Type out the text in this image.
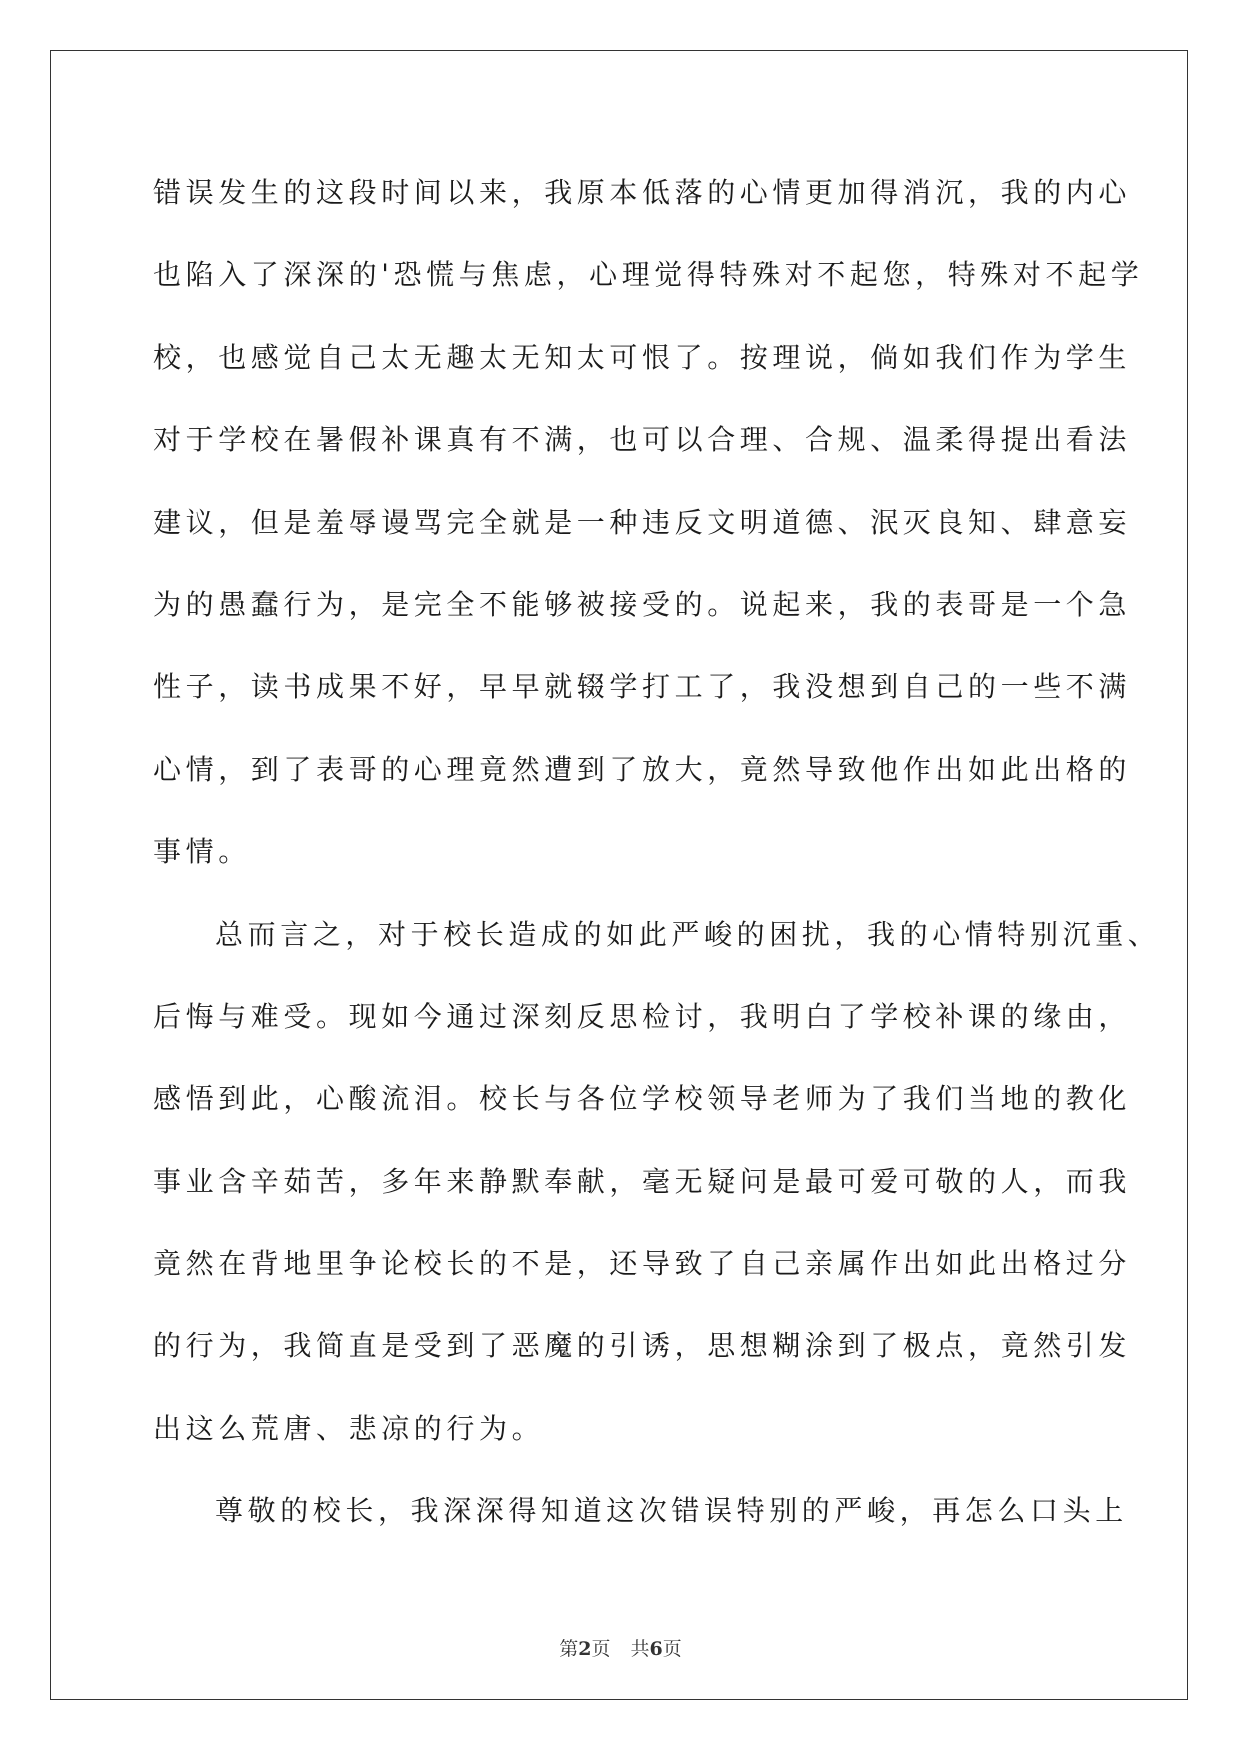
错误发生的这段时间以来，我原本低落的心情更加得消沉，我的内心

也陷入了深深的'恐慌与焦虑，心理觉得特殊对不起您，特殊对不起学

校，也感觉自己太无趣太无知太可恨了。按理说，倘如我们作为学生

对于学校在暑假补课真有不满，也可以合理、合规、温柔得提出看法

建议，但是羞辱谩骂完全就是一种违反文明道德、泯灭良知、肆意妄

为的愚蠢行为，是完全不能够被接受的。说起来，我的表哥是一个急

性子，读书成果不好，早早就辍学打工了，我没想到自己的一些不满

心情，到了表哥的心理竟然遭到了放大，竟然导致他作出如此出格的

事情。

总而言之，对于校长造成的如此严峻的困扰，我的心情特别沉重、

后悔与难受。现如今通过深刻反思检讨，我明白了学校补课的缘由，

感悟到此，心酸流泪。校长与各位学校领导老师为了我们当地的教化

事业含辛茹苦，多年来静默奉献，毫无疑问是最可爱可敬的人，而我

竟然在背地里争论校长的不是，还导致了自己亲属作出如此出格过分

的行为，我简直是受到了恶魔的引诱，思想糊涂到了极点，竟然引发

出这么荒唐、悲凉的行为。

尊敬的校长，我深深得知道这次错误特别的严峻，再怎么口头上

第2页 共6页
